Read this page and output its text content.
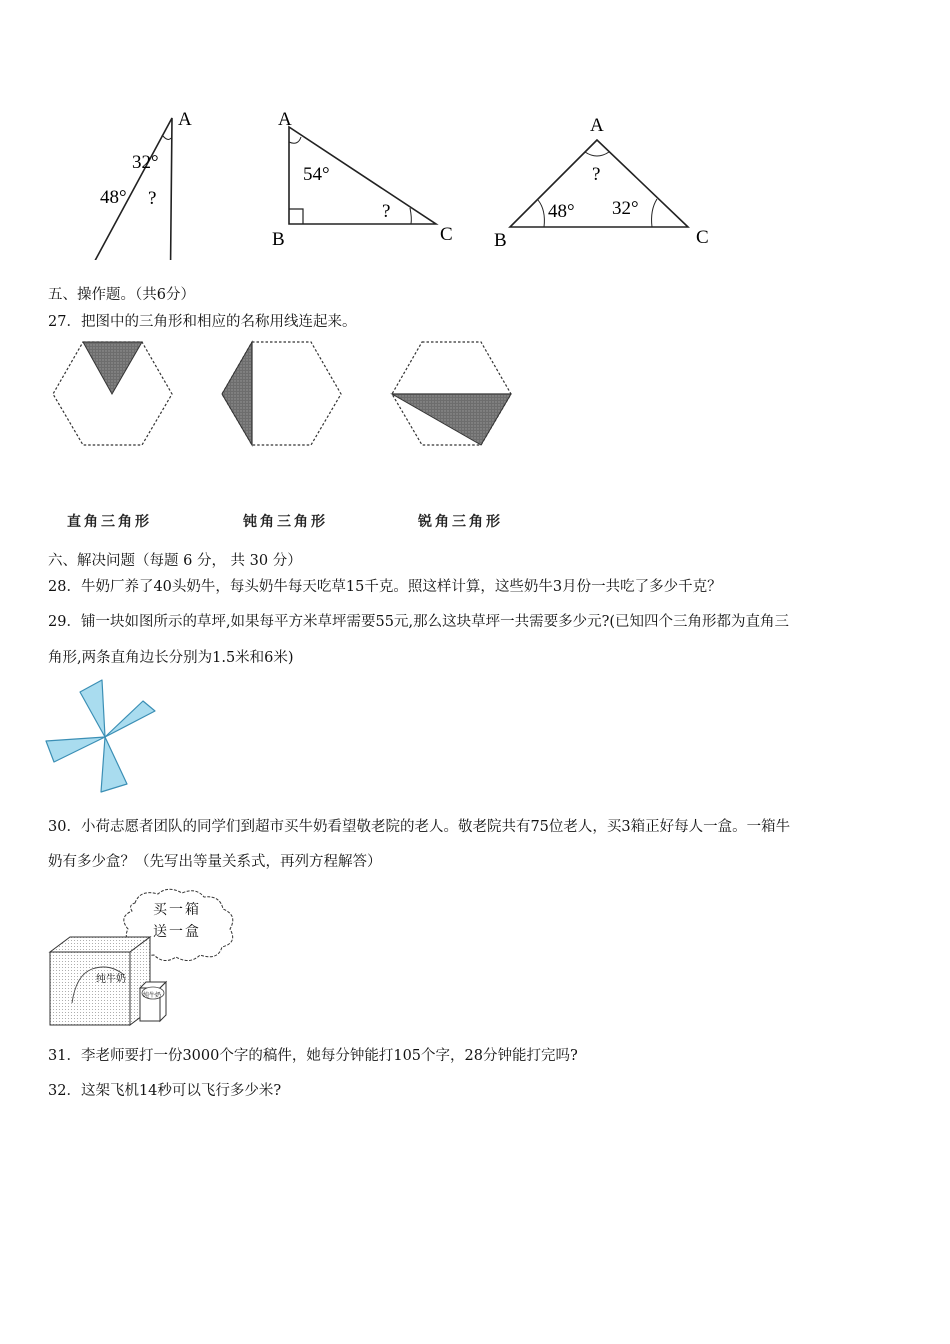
A
32°
48° ?
A
B	C
54°
?
A
B	C
?
48° 32°
五、操作题。（共6分）
27．把图中的三角形和相应的名称用线连起来。
直角三角形	钝角三角形	锐角三角形
六、解决问题（每题 6 分， 共 30 分）
28．牛奶厂养了40头奶牛，每头奶牛每天吃草15千克。照这样计算，这些奶牛3月份一共吃了多少千克？
29．铺一块如图所示的草坪,如果每平方米草坪需要55元,那么这块草坪一共需要多少元?(已知四个三角形都为直角三
角形,两条直角边长分别为1.5米和6米)
30．小荷志愿者团队的同学们到超市买牛奶看望敬老院的老人。敬老院共有75位老人，买3箱正好每人一盒。一箱牛
奶有多少盒？（先写出等量关系式，再列方程解答）
买一箱
送一盒
纯牛奶
纯牛奶
31．李老师要打一份3000个字的稿件，她每分钟能打105个字，28分钟能打完吗?
32．这架飞机14秒可以飞行多少米?
